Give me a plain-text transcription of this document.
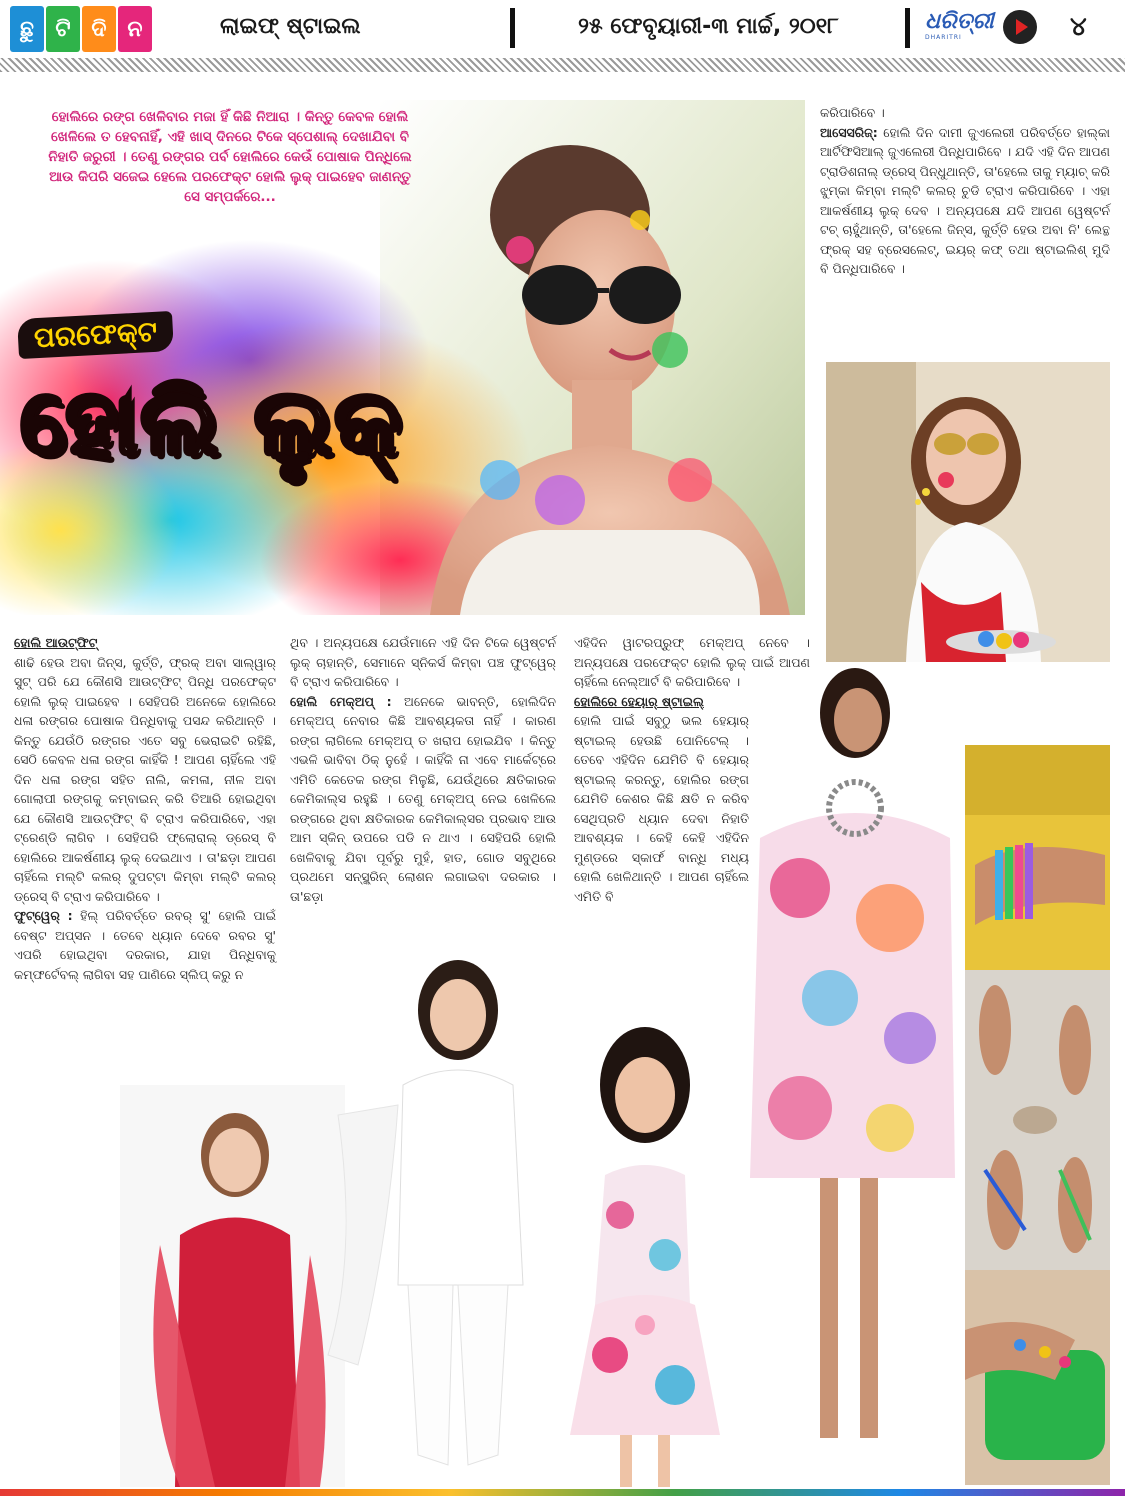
ଛୁ ଟି ଦି ନ	ଲାଇଫ୍‌ ଷ୍ଟାଇଲ	୨୫ ଫେବୃୟାରୀ-୩ ମାର୍ଚ୍ଚ, ୨୦୧୮	ଧରିତ୍ରୀ
DHARITRI	୪
ହୋଲିରେ ରଙ୍ଗ ଖେଳିବାର ମଜା ହିଁ କିଛି ନିଆରା । କିନ୍ତୁ କେବଳ ହୋଲି ଖେଳିଲେ ତ ହେବନାହିଁ, ଏହି ଖାସ୍‌ ଦିନରେ ଟିକେ ସ୍ପେଶାଲ୍‌ ଦେଖାଯିବା ବି ନିହାତି ଜରୁରୀ । ତେଣୁ ରଙ୍ଗର ପର୍ବ ହୋଲିରେ କେଉଁ ପୋଷାକ ପିନ୍ଧିଲେ ଆଉ କିପରି ସଜେଇ ହେଲେ ପରଫେକ୍ଟ ହୋଲି ଲୁକ୍‌ ପାଇହେବ ଜାଣନ୍ତୁ ସେ ସମ୍ପର୍କରେ...
ପରଫେକ୍ଟ
ହୋଲି ଲୁକ୍‌

କରିପାରିବେ ।

ଆସେସରିଜ୍‌: ହୋଲି ଦିନ ଦାମୀ ଜୁଏଲେରୀ ପରିବର୍ତ୍ତେ ହାଲ୍‌କା ଆର୍ଟିଫିସିଆଲ୍‌ ଜୁଏଲେରୀ ପିନ୍ଧିପାରିବେ । ଯଦି ଏହି ଦିନ ଆପଣ ଟ୍ରାଡିଶନାଲ୍‌ ଡ୍ରେସ୍‌ ପିନ୍ଧୁଥାନ୍ତି, ତା'ହେଲେ ତାକୁ ମ୍ୟାଚ୍‌ କରି ଝୁମ୍‌କା କିମ୍ବା ମଲ୍ଟି କଲର୍‌ ଚୁଡି ଟ୍ରାଏ କରିପାରିବେ । ଏହା ଆକର୍ଷଣୀୟ ଲୁକ୍‌ ଦେବ । ଅନ୍ୟପକ୍ଷେ ଯଦି ଆପଣ ୱେଷ୍ଟର୍ନ ଟଚ୍‌ ଚାହୁଁଥାନ୍ତି, ତା'ହେଲେ ଜିନ୍ସ, କୁର୍ତ୍ତି ହେଉ ଅବା ନି' ଲେନ୍ଥ ଫ୍ରକ୍‌ ସହ ବ୍ରେସଲେଟ୍‌, ଇୟର୍‌ କଫ୍‌ ତଥା ଷ୍ଟାଇଲିଶ୍‌ ମୁଦି ବି ପିନ୍ଧିପାରିବେ ।

ହୋଲି ଆଉଟ୍‌ଫିଟ୍‌

ଶାଢି ହେଉ ଅବା ଜିନ୍ସ, କୁର୍ତ୍ତି, ଫ୍ରକ୍‌ ଅବା ସାଲ୍‌ୱାର୍‌ ସୁଟ୍‌ ପରି ଯେ କୌଣସି ଆଉଟ୍‌ଫିଟ୍‌ ପିନ୍ଧି ପରଫେକ୍ଟ ହୋଲି ଲୁକ୍‌ ପାଇହେବ । ସେହିପରି ଅନେକେ ହୋଲିରେ ଧଳା ରଙ୍ଗର ପୋଷାକ ପିନ୍ଧିବାକୁ ପସନ୍ଦ କରିଥାନ୍ତି । କିନ୍ତୁ ଯେଉଁଠି ରଙ୍ଗର ଏତେ ସବୁ ଭେରାଇଟି ରହିଛି, ସେଠି କେବଳ ଧଳା ରଙ୍ଗ କାହିଁକି ! ଆପଣ ଚାହିଁଲେ ଏହି ଦିନ ଧଳା ରଙ୍ଗ ସହିତ ନାଲି, କମଳା, ନୀଳ ଅବା ଗୋଲାପୀ ରଙ୍ଗକୁ କମ୍ବାଇନ୍‌ କରି ତିଆରି ହୋଇଥିବା ଯେ କୌଣସି ଆଉଟ୍‌ଫିଟ୍‌ ବି ଟ୍ରାଏ କରିପାରିବେ, ଏହା ଟ୍ରେଣ୍ଡି ଲାଗିବ । ସେହିପରି ଫ୍ଲୋରାଲ୍‌ ଡ୍ରେସ୍‌ ବି ହୋଲିରେ ଆକର୍ଷଣୀୟ ଲୁକ୍‌ ଦେଇଥାଏ । ତା'ଛଡ଼ା ଆପଣ ଚାହିଁଲେ ମଲ୍ଟି କଲର୍‌ ଦୁପଟ୍ଟା କିମ୍ବା ମଲ୍ଟି କଲର୍‌ ଡ୍ରେସ୍‌ ବି ଟ୍ରାଏ କରିପାରିବେ ।

ଫୁଟ୍‌ୱେର୍‌ : ହିଲ୍‌ ପରିବର୍ତ୍ତେ ରବର୍‌ ସୁ' ହୋଲି ପାଇଁ ବେଷ୍ଟ ଅପ୍ସନ । ତେବେ ଧ୍ୟାନ ଦେବେ ରବର ସୁ' ଏପରି ହୋଇଥିବା ଦରକାର, ଯାହା ପିନ୍ଧିବାକୁ କମ୍ଫର୍ଟେବଲ୍‌ ଲାଗିବା ସହ ପାଣିରେ ସ୍ଲିପ୍‌ କରୁ ନ

ଥିବ । ଅନ୍ୟପକ୍ଷେ ଯେଉଁମାନେ ଏହି ଦିନ ଟିକେ ୱେଷ୍ଟର୍ନ ଲୁକ୍‌ ଚାହାନ୍ତି, ସେମାନେ ସ୍ନିକର୍ସ କିମ୍ବା ପଞ୍ଚ ଫୁଟ୍‌ୱେର୍‌ ବି ଟ୍ରାଏ କରିପାରିବେ ।

ହୋଲି ମେକ୍‌ଅପ୍‌ : ଅନେକେ ଭାବନ୍ତି, ହୋଲିଦିନ ମେକ୍‌ଅପ୍‌ ନେବାର କିଛି ଆବଶ୍ୟକତା ନାହିଁ । କାରଣ ରଙ୍ଗ ଲାଗିଲେ ମେକ୍‌ଅପ୍‌ ତ ଖରାପ ହୋଇଯିବ । କିନ୍ତୁ ଏଭଳି ଭାବିବା ଠିକ୍‌ ନୁହେଁ । କାହିଁକି ନା ଏବେ ମାର୍କେଟ୍‌ରେ ଏମିତି କେତେକ ରଙ୍ଗ ମିଳୁଛି, ଯେଉଁଥିରେ କ୍ଷତିକାରକ କେମିକାଲ୍ସ ରହୁଛି । ତେଣୁ ମେକ୍‌ଅପ୍‌ ନେଇ ଖେଳିଲେ ରଙ୍ଗରେ ଥିବା କ୍ଷତିକାରକ କେମିକାଲ୍ସର ପ୍ରଭାବ ଆଉ ଆମ ସ୍କିନ୍‌ ଉପରେ ପଡି ନ ଥାଏ । ସେହିପରି ହୋଲି ଖେଳିବାକୁ ଯିବା ପୂର୍ବରୁ ମୁହଁ, ହାତ, ଗୋଡ ସବୁଥିରେ ପ୍ରଥମେ ସନ୍‌ସ୍କ୍ରିନ୍‌ ଲୋଶନ ଲଗାଇବା ଦରକାର । ତା'ଛଡ଼ା

ଏହିଦିନ ୱାଟରପ୍ରୁଫ୍‌ ମେକ୍‌ଅପ୍‌ ନେବେ । ଅନ୍ୟପକ୍ଷେ ପରଫେକ୍ଟ ହୋଲି ଲୁକ୍‌ ପାଇଁ ଆପଣ ଚାହିଁଲେ ନେଲ୍‌ଆର୍ଟ ବି କରିପାରିବେ ।

ହୋଲିରେ ହେୟାର୍‌ ଷ୍ଟାଇଲ୍‌

ହୋଲି ପାଇଁ ସବୁଠୁ ଭଲ ହେୟାର୍‌ ଷ୍ଟାଇଲ୍‌ ହେଉଛି ପୋନିଟେଲ୍‌ । ତେବେ ଏହିଦିନ ଯେମିତି ବି ହେୟାର୍‌ ଷ୍ଟାଇଲ୍‌ କରନ୍ତୁ, ହୋଲିର ରଙ୍ଗ ଯେମିତି କେଶର କିଛି କ୍ଷତି ନ କରିବ ସେଥିପ୍ରତି ଧ୍ୟାନ ଦେବା ନିହାତି ଆବଶ୍ୟକ । କେହି କେହି ଏହିଦିନ ମୁଣ୍ଡରେ ସ୍କାର୍ଫ ବାନ୍ଧି ମଧ୍ୟ ହୋଲି ଖେଳିଥାନ୍ତି । ଆପଣ ଚାହିଁଲେ ଏମିତି ବି
